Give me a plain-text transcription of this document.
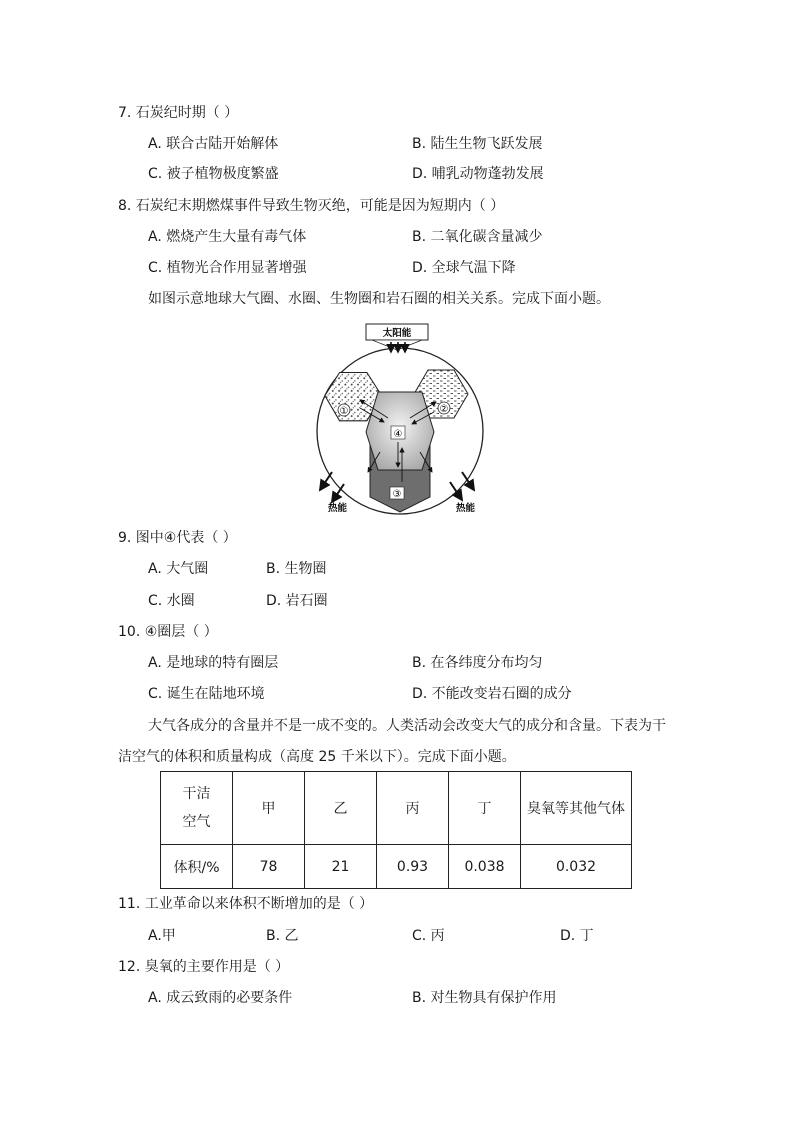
7. 石炭纪时期（ ）
A. 联合古陆开始解体	B. 陆生生物飞跃发展
C. 被子植物极度繁盛	D. 哺乳动物蓬勃发展
8. 石炭纪末期燃煤事件导致生物灭绝，可能是因为短期内（ ）
A. 燃烧产生大量有毒气体	B. 二氧化碳含量减少
C. 植物光合作用显著增强	D. 全球气温下降
如图示意地球大气圈、水圈、生物圈和岩石圈的相关关系。完成下面小题。
太阳能
①	②
④
③
热能	热能
9. 图中④代表（ ）
A. 大气圈	B. 生物圈
C. 水圈	D. 岩石圈
10. ④圈层（ ）
A. 是地球的特有圈层	B. 在各纬度分布均匀
C. 诞生在陆地环境	D. 不能改变岩石圈的成分
大气各成分的含量并不是一成不变的。人类活动会改变大气的成分和含量。下表为干
洁空气的体积和质量构成（高度 25 千米以下）。完成下面小题。
干洁
空气	甲	乙	丙	丁	臭氧等其他气体
体积/%	78	21	0.93	0.038	0.032
11. 工业革命以来体积不断增加的是（ ）
A.甲	B. 乙	C. 丙	D. 丁
12. 臭氧的主要作用是（ ）
A. 成云致雨的必要条件	B. 对生物具有保护作用
